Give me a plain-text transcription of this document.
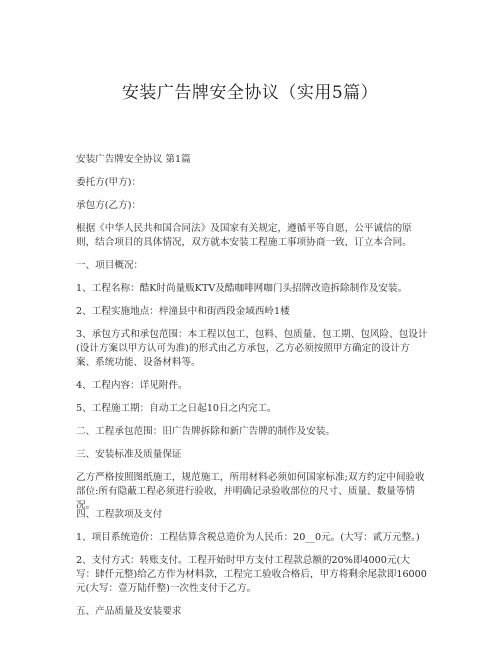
安装广告牌安全协议（实用5篇）
安装广告牌安全协议 第1篇
委托方(甲方)：
承包方(乙方)：
根据《中华人民共和国合同法》及国家有关规定，遵循平等自愿，公平诚信的原则，结合项目的具体情况，双方就本安装工程施工事项协商一致，订立本合同。
一、项目概况：
1、工程名称：酷K时尚量贩KTV及酷咖啡网咖门头招牌改造拆除制作及安装。
2、工程实施地点：梓潼县中和街西段金域西岭1楼
3、承包方式和承包范围：本工程以包工、包料、包质量、包工期、包风险、包设计(设计方案以甲方认可为准)的形式由乙方承包，乙方必须按照甲方确定的设计方案、系统功能、设备材料等。
4、工程内容：详见附件。
5、工程施工期：自动工之日起10日之内完工。
二、工程承包范围：旧广告牌拆除和新广告牌的制作及安装。
三、安装标准及质量保证
乙方严格按照图纸施工，规范施工，所用材料必须如何国家标准;双方约定中间验收部位:所有隐蔽工程必须进行验收，并明确记录验收部位的尺寸、质量、数量等情况。
四、工程款项及支付
1、项目系统造价：工程估算含税总造价为人民币：20__0元。(大写：贰万元整。)
2、支付方式：转账支付。工程开始时甲方支付工程款总额的20%即4000元(大写：肆仟元整)给乙方作为材料款，工程完工验收合格后，甲方将剩余尾款即16000元(大写：壹万陆仟整)一次性支付于乙方。
五、产品质量及安装要求
